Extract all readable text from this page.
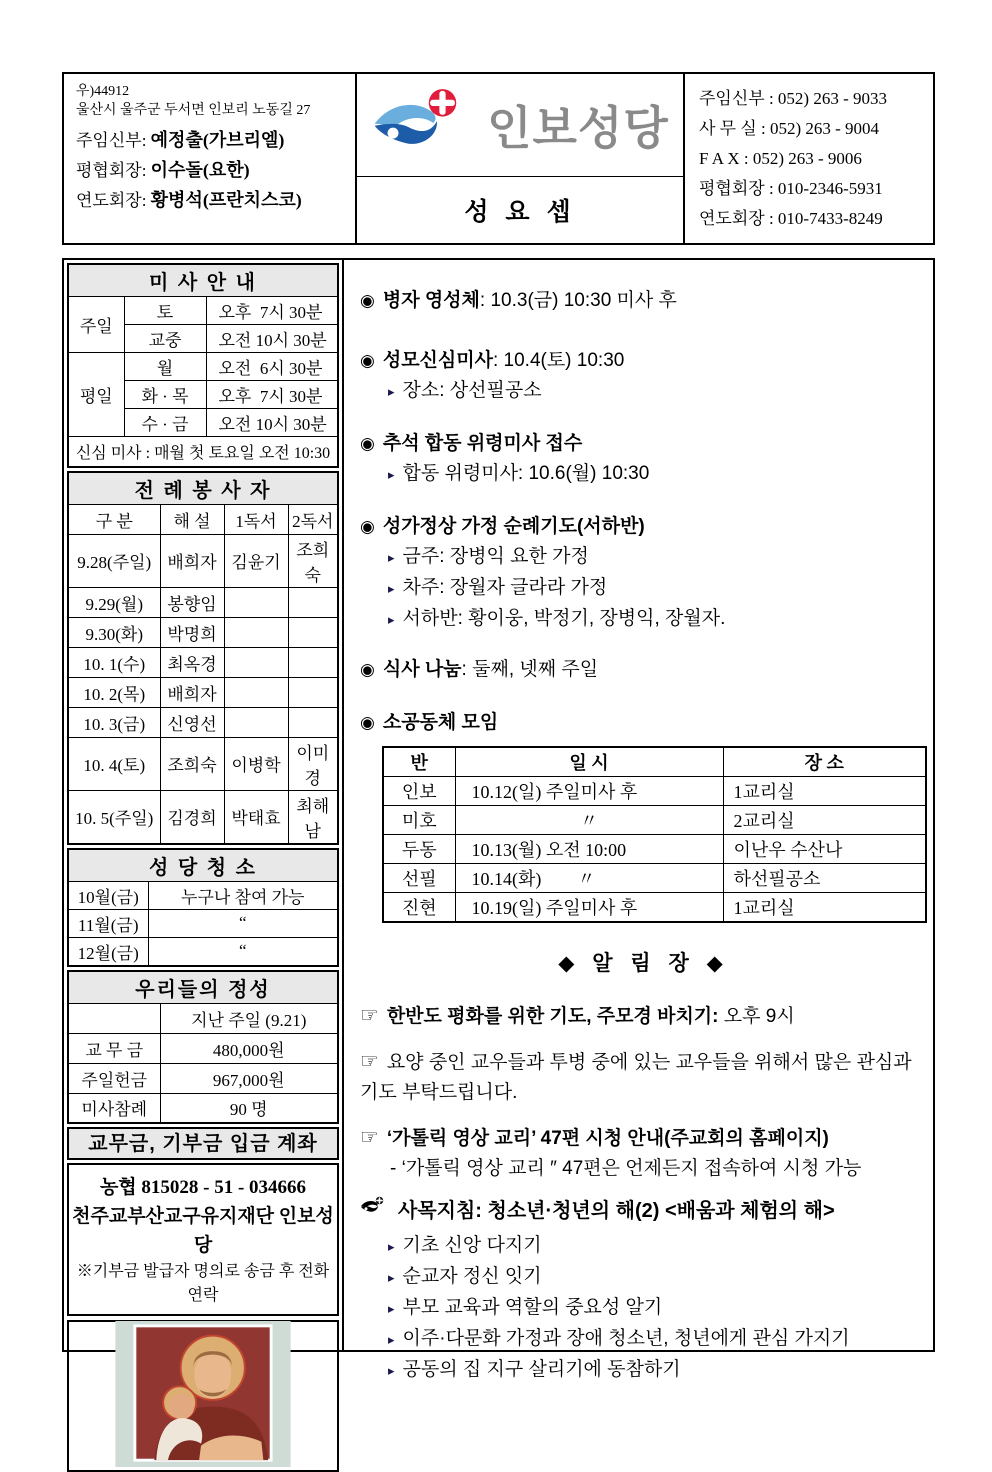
우)44912
울산시 울주군 두서면 인보리 노동길 27
주임신부: 예정출(가브리엘)
평협회장: 이수돌(요한)
연도회장: 황병석(프란치스코)
인보성당
성 요 셉
주임신부 : 052) 263 - 9033
사 무 실 : 052) 263 - 9004
F A X : 052) 263 - 9006
평협회장 : 010-2346-5931
연도회장 : 010-7433-8249
미 사 안 내		
주일	토	오후  7시 30분
	교중	오전 10시 30분
평일	월	오전  6시 30분
	화 · 목	오후  7시 30분
	수 · 금	오전 10시 30분
신심 미사 : 매월 첫 토요일 오전 10:30		
전 례 봉 사 자			
구 분	해 설	1독서	2독서
9.28(주일)	배희자	김윤기	조희숙
9.29(월)	봉향임		
9.30(화)	박명희		
10. 1(수)	최옥경		
10. 2(목)	배희자		
10. 3(금)	신영선		
10. 4(토)	조희숙	이병학	이미경
10. 5(주일)	김경희	박태효	최해남
성 당 청 소	
10월(금)	누구나 참여 가능
11월(금)	“
12월(금)	“
우리들의 정성	
	지난 주일 (9.21)
교 무 금	480,000원
주일헌금	967,000원
미사참례	90 명
교무금, 기부금 입금 계좌
농협 815028 - 51 - 034666
천주교부산교구유지재단 인보성당
※기부금 발급자 명의로 송금 후 전화 연락
◉ 병자 영성체: 10.3(금) 10:30 미사 후
◉ 성모신심미사: 10.4(토) 10:30
▸ 장소: 상선필공소
◉ 추석 합동 위령미사 접수
▸ 합동 위령미사: 10.6(월) 10:30
◉ 성가정상 가정 순례기도(서하반)
▸ 금주: 장병익 요한 가정
▸ 차주: 장월자 글라라 가정
▸ 서하반: 황이웅, 박정기, 장병익, 장월자.
◉ 식사 나눔: 둘째, 넷째 주일
◉ 소공동체 모임
반	일 시	장 소
인보	10.12(일) 주일미사 후	1교리실
미호	〃	2교리실
두동	10.13(월) 오전 10:00	이난우 수산나
선필	10.14(화)        〃	하선필공소
진현	10.19(일) 주일미사 후	1교리실
◆ 알 림 장 ◆
☞ 한반도 평화를 위한 기도, 주모경 바치기: 오후 9시
☞ 요양 중인 교우들과 투병 중에 있는 교우들을 위해서 많은 관심과 기도 부탁드립니다.
☞ ‘가톨릭 영상 교리’ 47편 시청 안내(주교회의 홈페이지)
- ‘가톨릭 영상 교리 ″ 47편은 언제든지 접속하여 시청 가능
사목지침: 청소년·청년의 해(2) <배움과 체험의 해>
▸ 기초 신앙 다지기
▸ 순교자 정신 잇기
▸ 부모 교육과 역할의 중요성 알기
▸ 이주·다문화 가정과 장애 청소년, 청년에게 관심 가지기
▸ 공동의 집 지구 살리기에 동참하기
